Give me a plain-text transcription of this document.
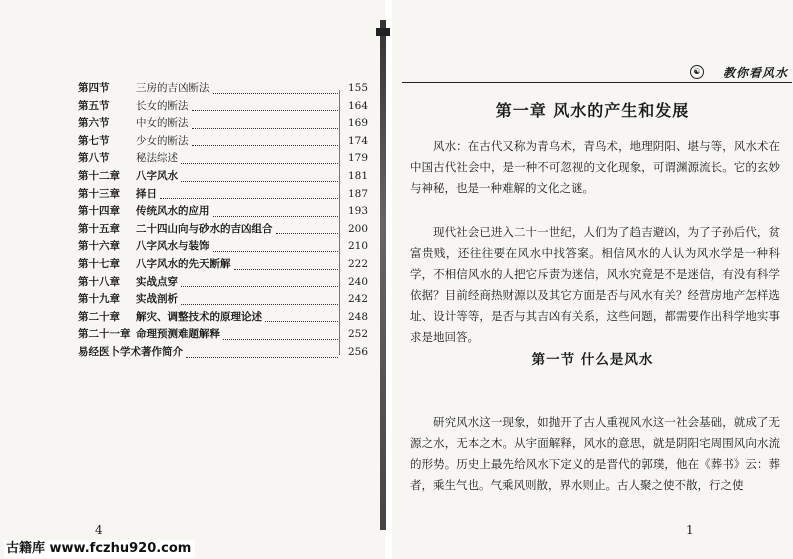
第四节	三房的吉凶断法	155
第五节	长女的断法	164
第六节	中女的断法	169
第七节	少女的断法	174
第八节	秘法综述	179
第十二章 八字风水	181
第十三章 择日	187
第十四章 传统风水的应用	193
第十五章 二十四山向与砂水的吉凶组合	200
第十六章 八字风水与装饰	210
第十七章 八字风水的先天断解	222
第十八章 实战点穿	240
第十九章 实战剖析	242
第二十章 解灾、调整技术的原理论述	248
第二十一章 命理预测难题解释	252
易经医卜学术著作简介	256
4
☯ 教你看风水
第一章 风水的产生和发展

风水：在古代又称为青乌术，青鸟术，地理阴阳、堪与等，风水术在中国古代社会中，是一种不可忽视的文化现象，可谓渊源流长。它的玄妙与神秘，也是一种难解的文化之谜。

现代社会已进入二十一世纪，人们为了趋吉避凶，为了子孙后代，贫富贵贱，还往往要在风水中找答案。相信风水的人认为风水学是一种科学，不相信风水的人把它斥责为迷信，风水究竟是不是迷信，有没有科学依据？目前经商热财源以及其它方面是否与风水有关？经营房地产怎样选址、设计等等，是否与其吉凶有关系，这些问题，都需要作出科学地实事求是地回答。

第一节 什么是风水

研究风水这一现象，如抛开了古人重视风水这一社会基础，就成了无源之水，无本之木。从宇面解释，风水的意思，就是阴阳宅周围风向水流的形势。历史上最先给风水下定义的是晋代的郭璞，他在《葬书》云：葬者，乘生气也。气乘风则散，界水则止。古人聚之使不散，行之使

1
古籍库 www.fczhu920.com
